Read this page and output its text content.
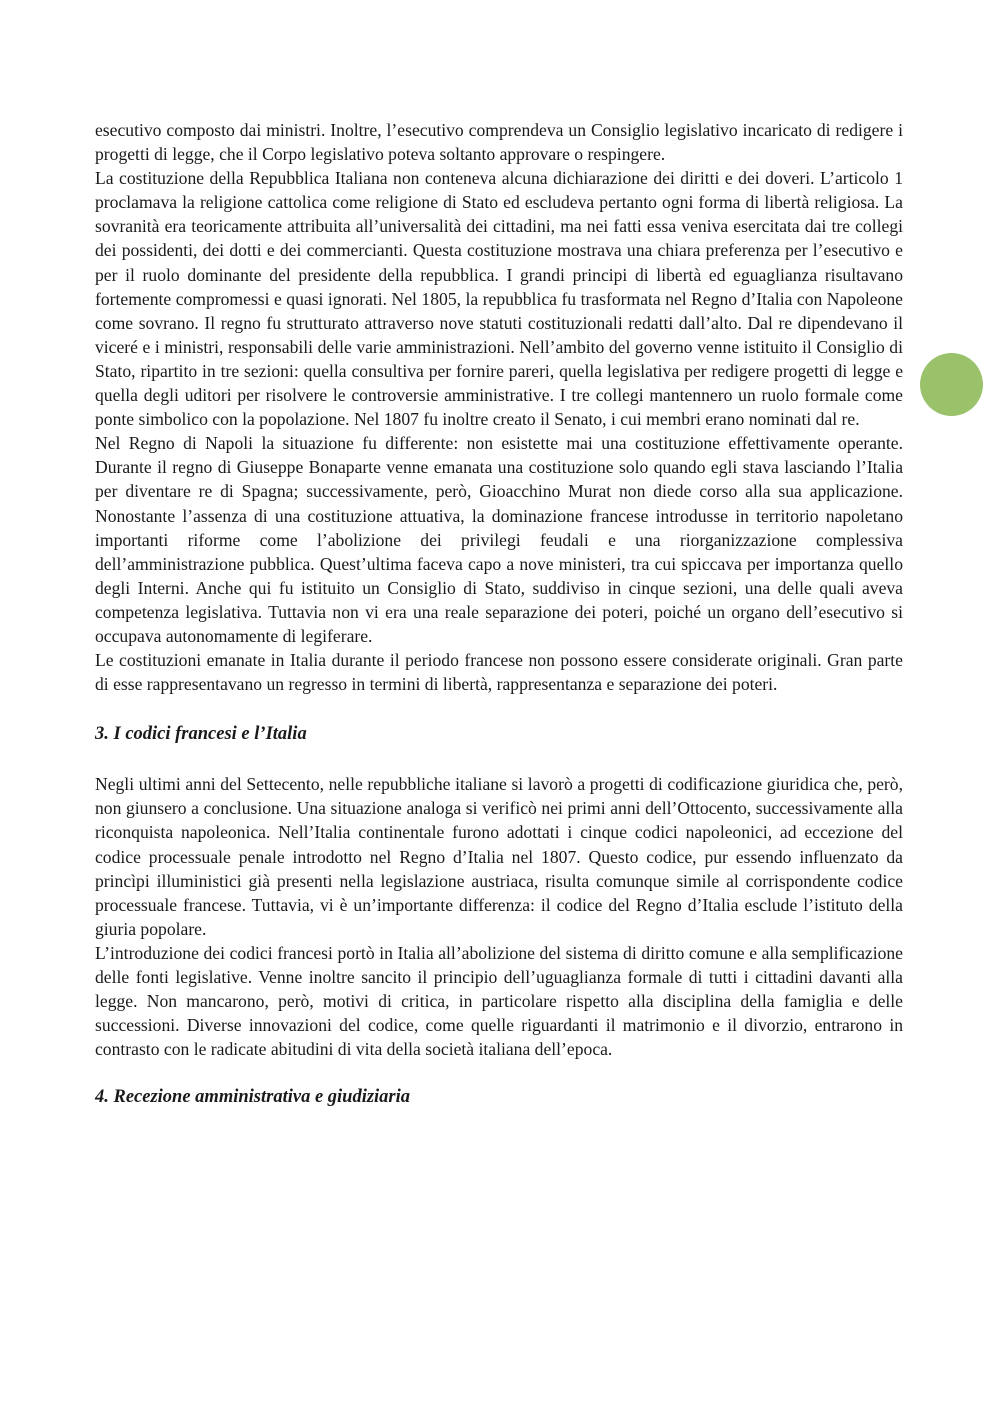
esecutivo composto dai ministri. Inoltre, l’esecutivo comprendeva un Consiglio legislativo incaricato di redigere i progetti di legge, che il Corpo legislativo poteva soltanto approvare o respingere.

La costituzione della Repubblica Italiana non conteneva alcuna dichiarazione dei diritti e dei doveri. L’articolo 1 proclamava la religione cattolica come religione di Stato ed escludeva pertanto ogni forma di libertà religiosa. La sovranità era teoricamente attribuita all’universalità dei cittadini, ma nei fatti essa veniva esercitata dai tre collegi dei possidenti, dei dotti e dei commercianti. Questa costituzione mostrava una chiara preferenza per l’esecutivo e per il ruolo dominante del presidente della repubblica. I grandi principi di libertà ed eguaglianza risultavano fortemente compromessi e quasi ignorati. Nel 1805, la repubblica fu trasformata nel Regno d’Italia con Napoleone come sovrano. Il regno fu strutturato attraverso nove statuti costituzionali redatti dall’alto. Dal re dipendevano il viceré e i ministri, responsabili delle varie amministrazioni. Nell’ambito del governo venne istituito il Consiglio di Stato, ripartito in tre sezioni: quella consultiva per fornire pareri, quella legislativa per redigere progetti di legge e quella degli uditori per risolvere le controversie amministrative. I tre collegi mantennero un ruolo formale come ponte simbolico con la popolazione. Nel 1807 fu inoltre creato il Senato, i cui membri erano nominati dal re.

Nel Regno di Napoli la situazione fu differente: non esistette mai una costituzione effettivamente operante. Durante il regno di Giuseppe Bonaparte venne emanata una costituzione solo quando egli stava lasciando l’Italia per diventare re di Spagna; successivamente, però, Gioacchino Murat non diede corso alla sua applicazione. Nonostante l’assenza di una costituzione attuativa, la dominazione francese introdusse in territorio napoletano importanti riforme come l’abolizione dei privilegi feudali e una riorganizzazione complessiva dell’amministrazione pubblica. Quest’ultima faceva capo a nove ministeri, tra cui spiccava per importanza quello degli Interni. Anche qui fu istituito un Consiglio di Stato, suddiviso in cinque sezioni, una delle quali aveva competenza legislativa. Tuttavia non vi era una reale separazione dei poteri, poiché un organo dell’esecutivo si occupava autonomamente di legiferare.

Le costituzioni emanate in Italia durante il periodo francese non possono essere considerate originali. Gran parte di esse rappresentavano un regresso in termini di libertà, rappresentanza e separazione dei poteri.

3. I codici francesi e l’Italia

Negli ultimi anni del Settecento, nelle repubbliche italiane si lavorò a progetti di codificazione giuridica che, però, non giunsero a conclusione. Una situazione analoga si verificò nei primi anni dell’Ottocento, successivamente alla riconquista napoleonica. Nell’Italia continentale furono adottati i cinque codici napoleonici, ad eccezione del codice processuale penale introdotto nel Regno d’Italia nel 1807. Questo codice, pur essendo influenzato da princìpi illuministici già presenti nella legislazione austriaca, risulta comunque simile al corrispondente codice processuale francese. Tuttavia, vi è un’importante differenza: il codice del Regno d’Italia esclude l’istituto della giuria popolare.

L’introduzione dei codici francesi portò in Italia all’abolizione del sistema di diritto comune e alla semplificazione delle fonti legislative. Venne inoltre sancito il principio dell’uguaglianza formale di tutti i cittadini davanti alla legge. Non mancarono, però, motivi di critica, in particolare rispetto alla disciplina della famiglia e delle successioni. Diverse innovazioni del codice, come quelle riguardanti il matrimonio e il divorzio, entrarono in contrasto con le radicate abitudini di vita della società italiana dell’epoca.

4. Recezione amministrativa e giudiziaria
